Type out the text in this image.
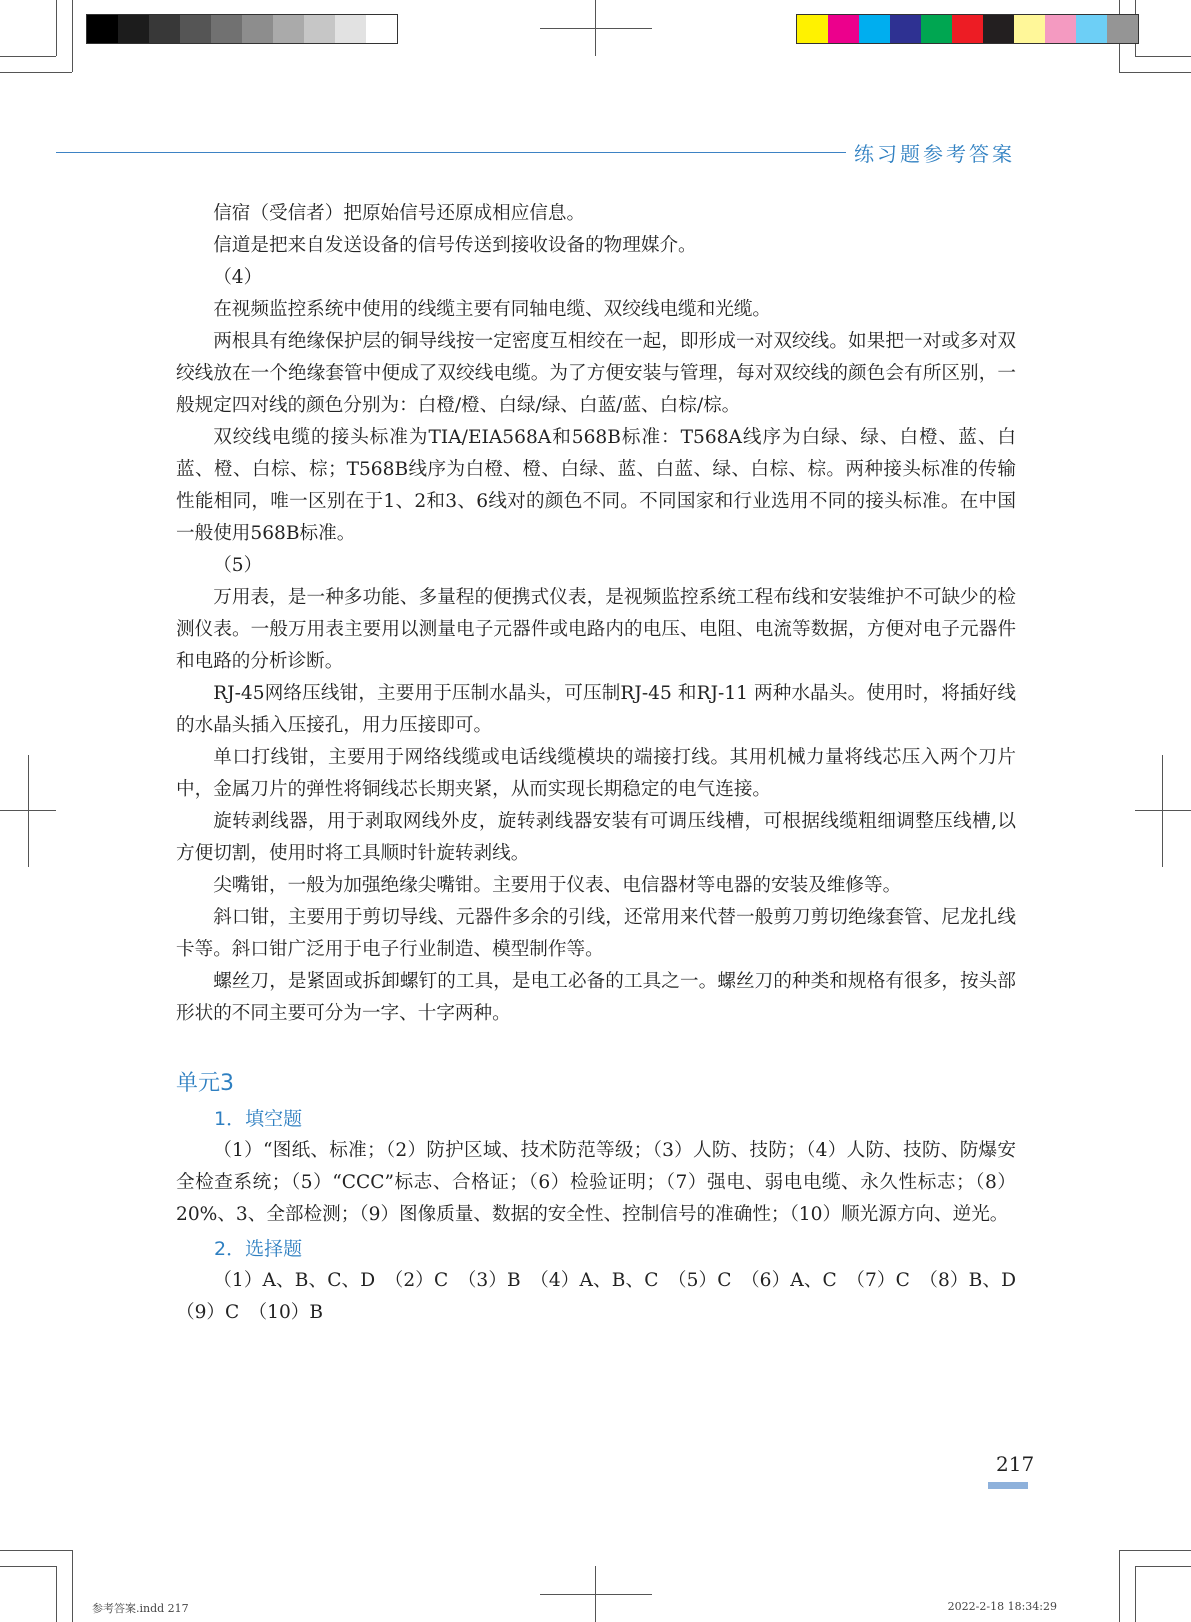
练习题参考答案

信宿（受信者）把原始信号还原成相应信息。

信道是把来自发送设备的信号传送到接收设备的物理媒介。

（4）

在视频监控系统中使用的线缆主要有同轴电缆、双绞线电缆和光缆。

两根具有绝缘保护层的铜导线按一定密度互相绞在一起，即形成一对双绞线。如果把一对或多对双绞线放在一个绝缘套管中便成了双绞线电缆。为了方便安装与管理，每对双绞线的颜色会有所区别，一般规定四对线的颜色分别为：白橙/橙、白绿/绿、白蓝/蓝、白棕/棕。

双绞线电缆的接头标准为TIA/EIA568A和568B标准：T568A线序为白绿、绿、白橙、蓝、白蓝、橙、白棕、棕；T568B线序为白橙、橙、白绿、蓝、白蓝、绿、白棕、棕。两种接头标准的传输性能相同，唯一区别在于1、2和3、6线对的颜色不同。不同国家和行业选用不同的接头标准。在中国一般使用568B标准。

（5）

万用表，是一种多功能、多量程的便携式仪表，是视频监控系统工程布线和安装维护不可缺少的检测仪表。一般万用表主要用以测量电子元器件或电路内的电压、电阻、电流等数据，方便对电子元器件和电路的分析诊断。

RJ-45网络压线钳，主要用于压制水晶头，可压制RJ-45 和RJ-11 两种水晶头。使用时，将插好线的水晶头插入压接孔，用力压接即可。

单口打线钳，主要用于网络线缆或电话线缆模块的端接打线。其用机械力量将线芯压入两个刀片中，金属刀片的弹性将铜线芯长期夹紧，从而实现长期稳定的电气连接。

旋转剥线器，用于剥取网线外皮，旋转剥线器安装有可调压线槽，可根据线缆粗细调整压线槽,以方便切割，使用时将工具顺时针旋转剥线。

尖嘴钳，一般为加强绝缘尖嘴钳。主要用于仪表、电信器材等电器的安装及维修等。

斜口钳，主要用于剪切导线、元器件多余的引线，还常用来代替一般剪刀剪切绝缘套管、尼龙扎线卡等。斜口钳广泛用于电子行业制造、模型制作等。

螺丝刀，是紧固或拆卸螺钉的工具，是电工必备的工具之一。螺丝刀的种类和规格有很多，按头部形状的不同主要可分为一字、十字两种。

单元3
1．填空题

（1）“图纸、标准；（2）防护区域、技术防范等级；（3）人防、技防；（4）人防、技防、防爆安全检查系统；（5）“CCC”标志、合格证；（6）检验证明；（7）强电、弱电电缆、永久性标志；（8）20%、3、全部检测；（9）图像质量、数据的安全性、控制信号的准确性；（10）顺光源方向、逆光。

2．选择题

（1）A、B、C、D　（2）C　（3）B　（4）A、B、C　（5）C　（6）A、C　（7）C　（8）B、D　（9）C　（10）B

217
参考答案.indd 217	2022-2-18 18:34:29
